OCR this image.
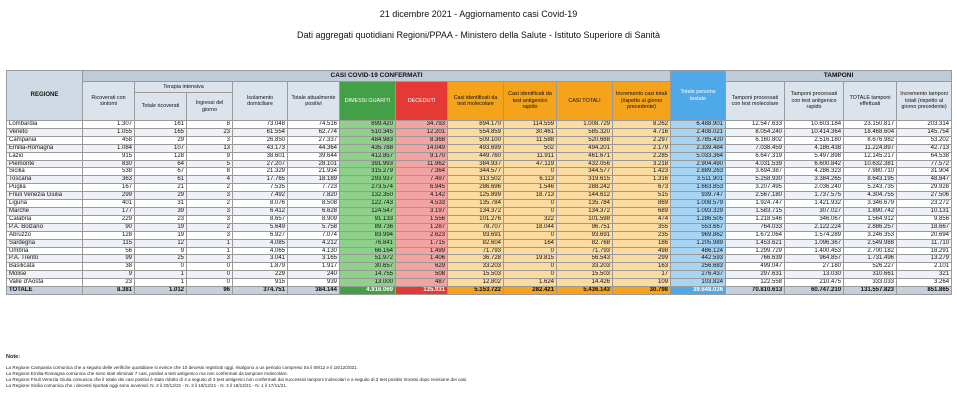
21 dicembre 2021 - Aggiornamento casi Covid-19
Dati aggregati quotidiani Regioni/PPAA - Ministero della Salute - Istituto Superiore di Sanità
REGIONE	CASI COVID-19 CONFERMATI											Totale persone testate	TAMPONI			
	Ricoverati con sintomi	Terapia intensiva		Isolamento domiciliare	Totale attualmente positivi	DIMESSI GUARITI	DECEDUTI	Casi identificati da test molecolare	Casi identificati da test antigenico rapido	CASI TOTALI	Incremento casi totali (rispetto al giorno precedente)		Tamponi processati con test molecolare	Tamponi processati con test antigenico rapido	TOTALE tamponi effettuati	Incremento tamponi totali (rispetto al giorno precedente)
		Totale ricoverati	Ingressi del giorno													
Lombardia	1.307	161	8	73.048	74.516	899.420	34.793	894.170	114.559	1.008.729	8.262	6.488.901	12.547.633	10.603.184	23.150.817	203.314
Veneto	1.055	165	23	61.554	62.774	510.345	12.201	554.859	30.461	585.320	4.716	2.408.021	8.054.240	10.414.364	18.468.604	145.754
Campania	458	29	3	26.850	27.337	484.983	8.368	509.100	11.588	520.688	2.297	3.785.420	6.160.802	2.516.180	8.676.982	53.202
Emilia-Romagna	1.084	107	13	43.173	44.364	435.788	14.049	493.699	502	494.201	2.179	2.339.484	7.038.459	4.186.438	11.224.897	42.713
Lazio	915	128	9	38.601	39.644	412.857	9.170	449.760	11.911	461.671	2.285	5.033.364	6.647.319	5.497.898	12.145.217	64.538
Piemonte	830	64	5	27.207	28.101	391.993	11.962	384.937	47.119	432.056	3.218	2.904.490	4.031.539	6.600.842	10.632.381	77.572
Sicilia	538	67	8	21.329	21.934	315.279	7.364	344.577	0	344.577	1.423	2.889.263	3.694.387	4.286.323	7.980.710	31.904
Toscana	363	61	4	17.765	18.189	293.937	7.497	313.502	6.113	319.615	1.316	3.511.901	5.258.930	3.384.265	8.643.195	48.847
Puglia	167	21	2	7.535	7.723	273.574	6.945	286.696	1.546	288.242	673	1.663.853	3.207.495	2.036.240	5.243.735	29.928
Friuli Venezia Giulia	299	29	3	7.492	7.820	132.350	4.142	125.899	18.713	144.612	515	939.747	2.567.180	1.737.575	4.304.755	27.506
Liguria	401	31	2	8.076	8.508	122.743	4.533	135.784	0	135.784	869	1.008.579	1.924.747	1.421.932	3.346.679	23.272
Marche	177	39	3	6.412	6.628	124.547	3.197	134.372	0	134.372	689	1.093.329	1.583.715	307.027	1.890.742	10.131
Calabria	229	23	3	8.657	8.909	91.133	1.556	101.276	322	101.598	474	1.286.505	1.218.546	346.067	1.564.912	9.856
P.A. Bolzano	90	19	2	5.649	5.758	89.736	1.287	78.707	18.044	96.751	355	553.667	764.033	2.122.224	2.886.257	18.667
Abruzzo	128	19	3	6.927	7.074	83.994	2.623	93.691	0	93.691	235	969.862	1.672.064	1.574.289	3.246.353	20.694
Sardegna	115	12	1	4.085	4.212	76.841	1.715	82.604	164	82.768	186	1.205.989	1.453.621	1.096.367	2.549.988	11.710
Umbria	56	9	1	4.065	4.130	66.164	1.499	71.793	0	71.793	498	486.124	1.299.729	1.400.453	2.700.182	18.291
P.A. Trento	99	25	3	3.041	3.165	51.972	1.406	36.728	19.815	56.543	299	442.593	766.639	964.857	1.731.496	13.279
Basilicata	38	0	0	1.879	1.917	30.657	629	33.203	0	33.203	163	256.683	499.047	27.180	526.227	2.101
Molise	9	1	0	229	240	14.755	508	15.503	0	15.503	17	276.437	297.631	13.030	310.661	321
Valle d'Aosta	23	1	0	915	939	13.000	487	12.802	1.624	14.426	109	103.824	122.558	210.475	333.033	3.264
TOTALE	8.381	1.012	96	374.751	384.144	4.916.069	135.931	5.153.722	282.421	5.436.143	30.798	39.648.036	70.810.613	60.747.210	131.557.823	851.865
Note:
La Regione Campania comunica che a seguito delle verifiche quotidiane si evince che 10 decessi registrati oggi, risalgono a un periodo compreso tra il 09/12 e il 18/12/2021.
La Regione Emilia-Romagna comunica che sono stati eliminati 7 casi, positivi a test antigenico ma non confermati da tampone molecolare.
La Regione Friuli Venezia Giulia comunica che il totale dei casi positivi è stato ridotto di 4 a seguito di 3 test antigenici non confermati dai successivi tamponi molecolari e a seguito di 3 test positivi rimossi dopo revisione dei casi.
La Regione Sicilia comunica che i decessi riportati oggi sono avvenuti: N. 2 il 20/12/21 - N. 3 il 19/12/21 - N. 3 il 18/12/21 - N. 1 il 17/11/21.
